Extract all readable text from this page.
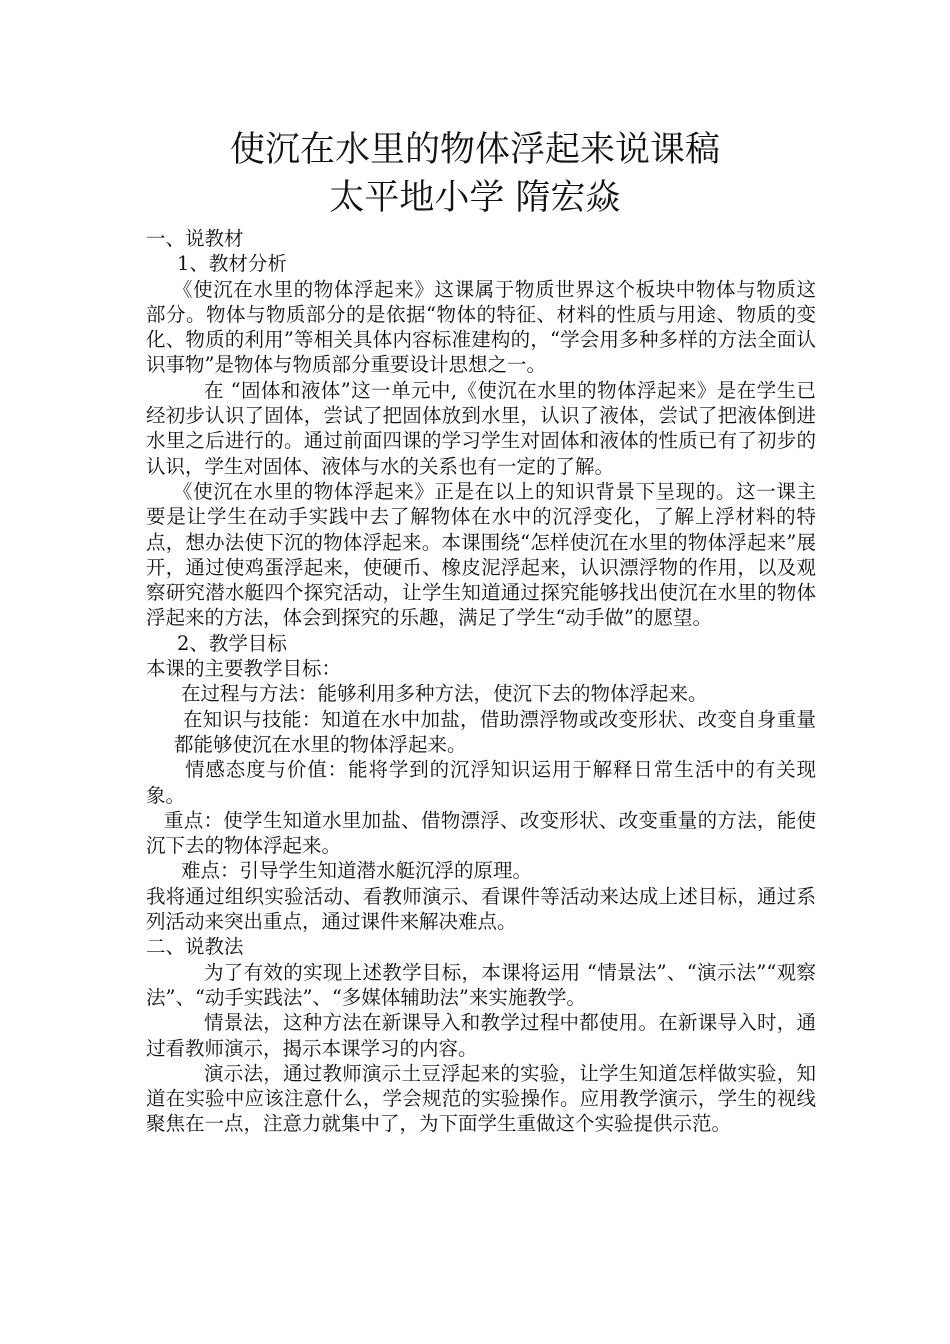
使沉在水里的物体浮起来说课稿
太平地小学 隋宏焱

一、说教材

1、教材分析

《使沉在水里的物体浮起来》这课属于物质世界这个板块中物体与物质这部分。物体与物质部分的是依据“物体的特征、材料的性质与用途、物质的变化、物质的利用”等相关具体内容标准建构的，“学会用多种多样的方法全面认识事物”是物体与物质部分重要设计思想之一。

在 “固体和液体”这一单元中,《使沉在水里的物体浮起来》是在学生已经初步认识了固体，尝试了把固体放到水里，认识了液体，尝试了把液体倒进水里之后进行的。通过前面四课的学习学生对固体和液体的性质已有了初步的认识，学生对固体、液体与水的关系也有一定的了解。

《使沉在水里的物体浮起来》正是在以上的知识背景下呈现的。这一课主要是让学生在动手实践中去了解物体在水中的沉浮变化，了解上浮材料的特点，想办法使下沉的物体浮起来。本课围绕“怎样使沉在水里的物体浮起来”展开，通过使鸡蛋浮起来，使硬币、橡皮泥浮起来，认识漂浮物的作用，以及观察研究潜水艇四个探究活动，让学生知道通过探究能够找出使沉在水里的物体浮起来的方法，体会到探究的乐趣，满足了学生“动手做”的愿望。

2、教学目标

本课的主要教学目标：

在过程与方法：能够利用多种方法，使沉下去的物体浮起来。

在知识与技能：知道在水中加盐，借助漂浮物或改变形状、改变自身重量都能够使沉在水里的物体浮起来。

情感态度与价值：能将学到的沉浮知识运用于解释日常生活中的有关现象。

重点：使学生知道水里加盐、借物漂浮、改变形状、改变重量的方法，能使沉下去的物体浮起来。

难点：引导学生知道潜水艇沉浮的原理。

我将通过组织实验活动、看教师演示、看课件等活动来达成上述目标，通过系列活动来突出重点，通过课件来解决难点。

二、说教法

为了有效的实现上述教学目标，本课将运用 “情景法”、“演示法”“观察法”、“动手实践法”、“多媒体辅助法”来实施教学。

情景法，这种方法在新课导入和教学过程中都使用。在新课导入时，通过看教师演示，揭示本课学习的内容。

演示法，通过教师演示土豆浮起来的实验，让学生知道怎样做实验，知道在实验中应该注意什么，学会规范的实验操作。应用教学演示，学生的视线聚焦在一点，注意力就集中了，为下面学生重做这个实验提供示范。
